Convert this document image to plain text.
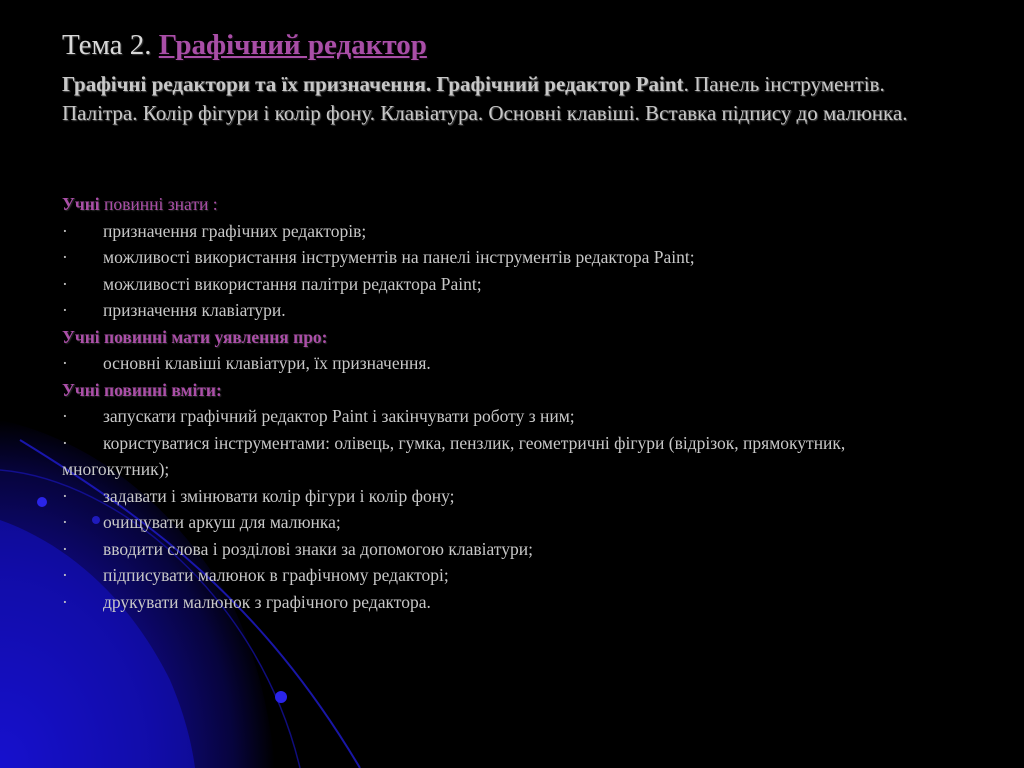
Тема 2. Графічний редактор
Графічні редактори та їх призначення. Графічний редактор Paint. Панель інструментів. Палітра. Колір фігури і колір фону. Клавіатура. Основні клавіші. Вставка підпису до малюнка.
Учні повинні знати :
·	призначення графічних редакторів;
·	можливості використання інструментів на панелі інструментів редактора Paint;
·	можливості використання палітри редактора Paint;
·	призначення клавіатури.
Учні повинні мати уявлення про:
·	основні клавіші клавіатури, їх призначення.
Учні повинні вміти:
·	запускати графічний редактор Paint і закінчувати роботу з ним;
·	користуватися інструментами: олівець, гумка, пензлик, геометричні фігури (відрізок, прямокутник, многокутник);
·	задавати і змінювати колір фігури і колір фону;
·	очищувати аркуш для малюнка;
·	вводити слова і розділові знаки за допомогою клавіатури;
·	підписувати малюнок в графічному редакторі;
·	друкувати малюнок з графічного редактора.
